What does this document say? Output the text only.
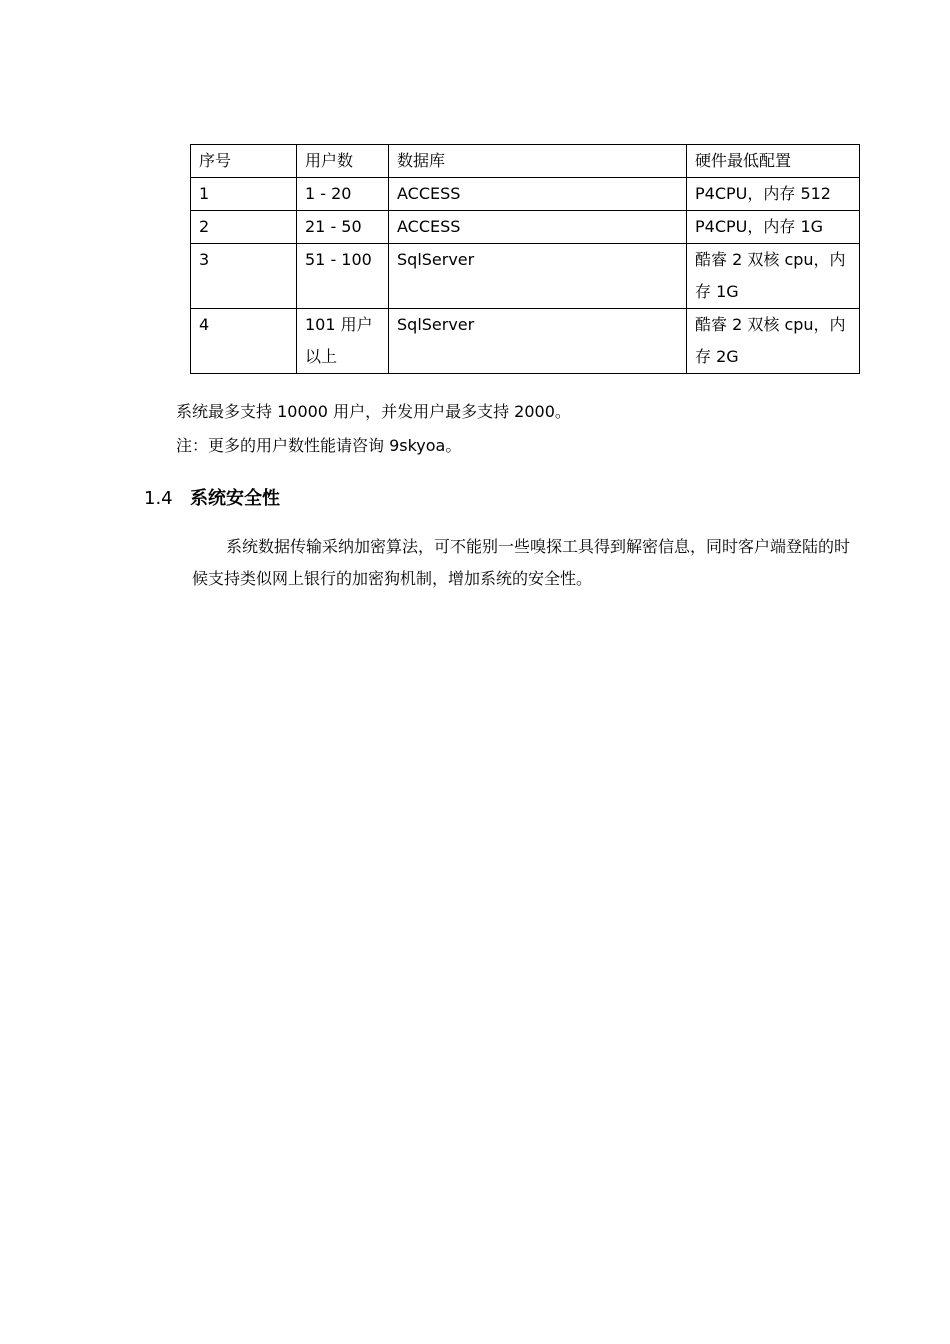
序号	用户数	数据库	硬件最低配置
1	1 - 20	ACCESS	P4CPU，内存 512
2	21 - 50	ACCESS	P4CPU，内存 1G
3	51 - 100	SqlServer	酷睿 2 双核 cpu，内存 1G
4	101 用户以上	SqlServer	酷睿 2 双核 cpu，内存 2G
系统最多支持 10000 用户，并发用户最多支持 2000。
注：更多的用户数性能请咨询 9skyoa。
1.4 系统安全性
系统数据传输采纳加密算法，可不能别一些嗅探工具得到解密信息，同时客户端登陆的时候支持类似网上银行的加密狗机制，增加系统的安全性。
